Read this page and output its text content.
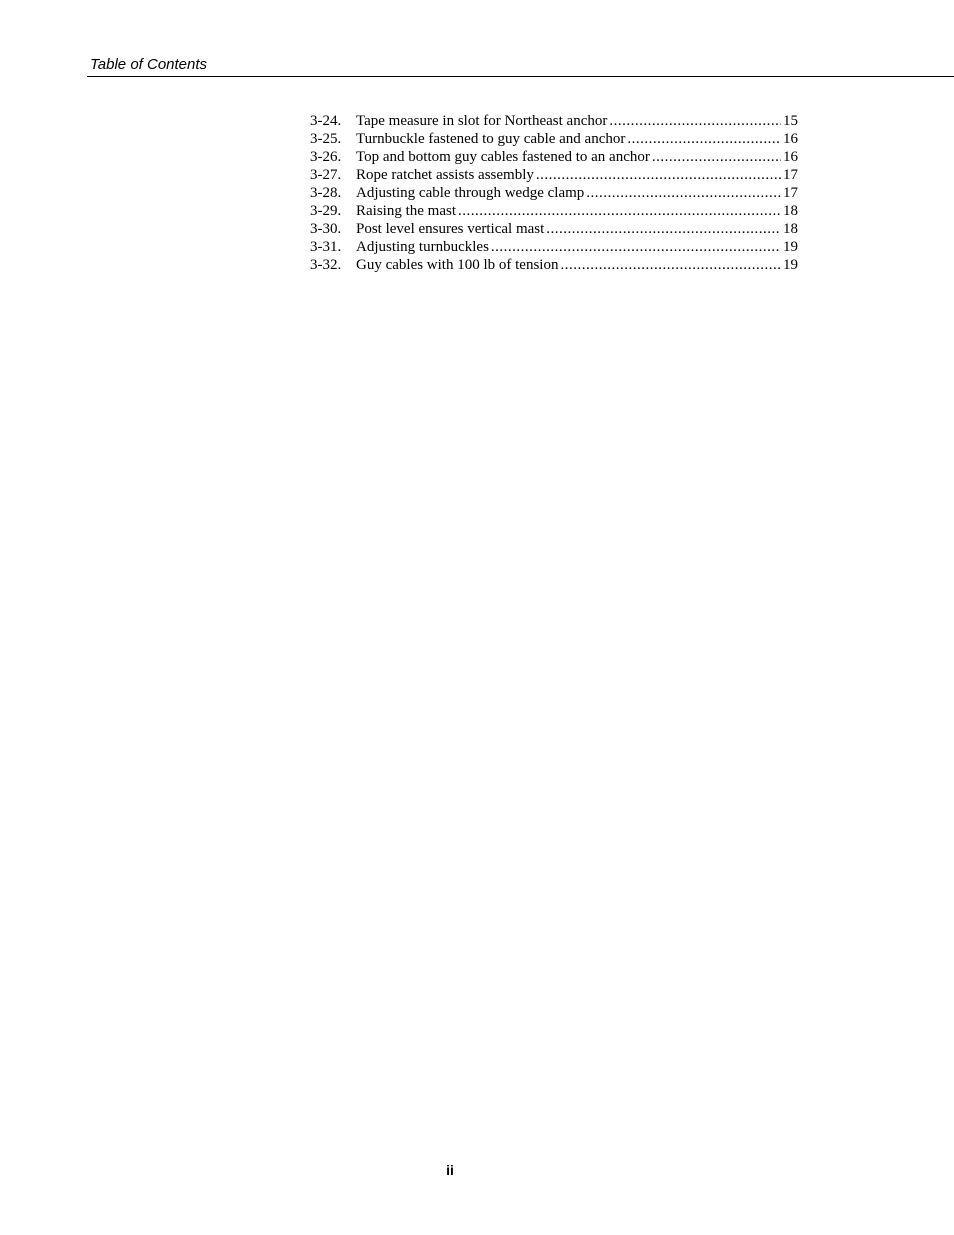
Table of Contents
3-24. Tape measure in slot for Northeast anchor .....	15
3-25. Turnbuckle fastened to guy cable and anchor .....	16
3-26. Top and bottom guy cables fastened to an anchor .....	16
3-27. Rope ratchet assists assembly .....	17
3-28. Adjusting cable through wedge clamp .....	17
3-29. Raising the mast .....	18
3-30. Post level ensures vertical mast .....	18
3-31. Adjusting turnbuckles .....	19
3-32. Guy cables with 100 lb of tension .....	19
ii
